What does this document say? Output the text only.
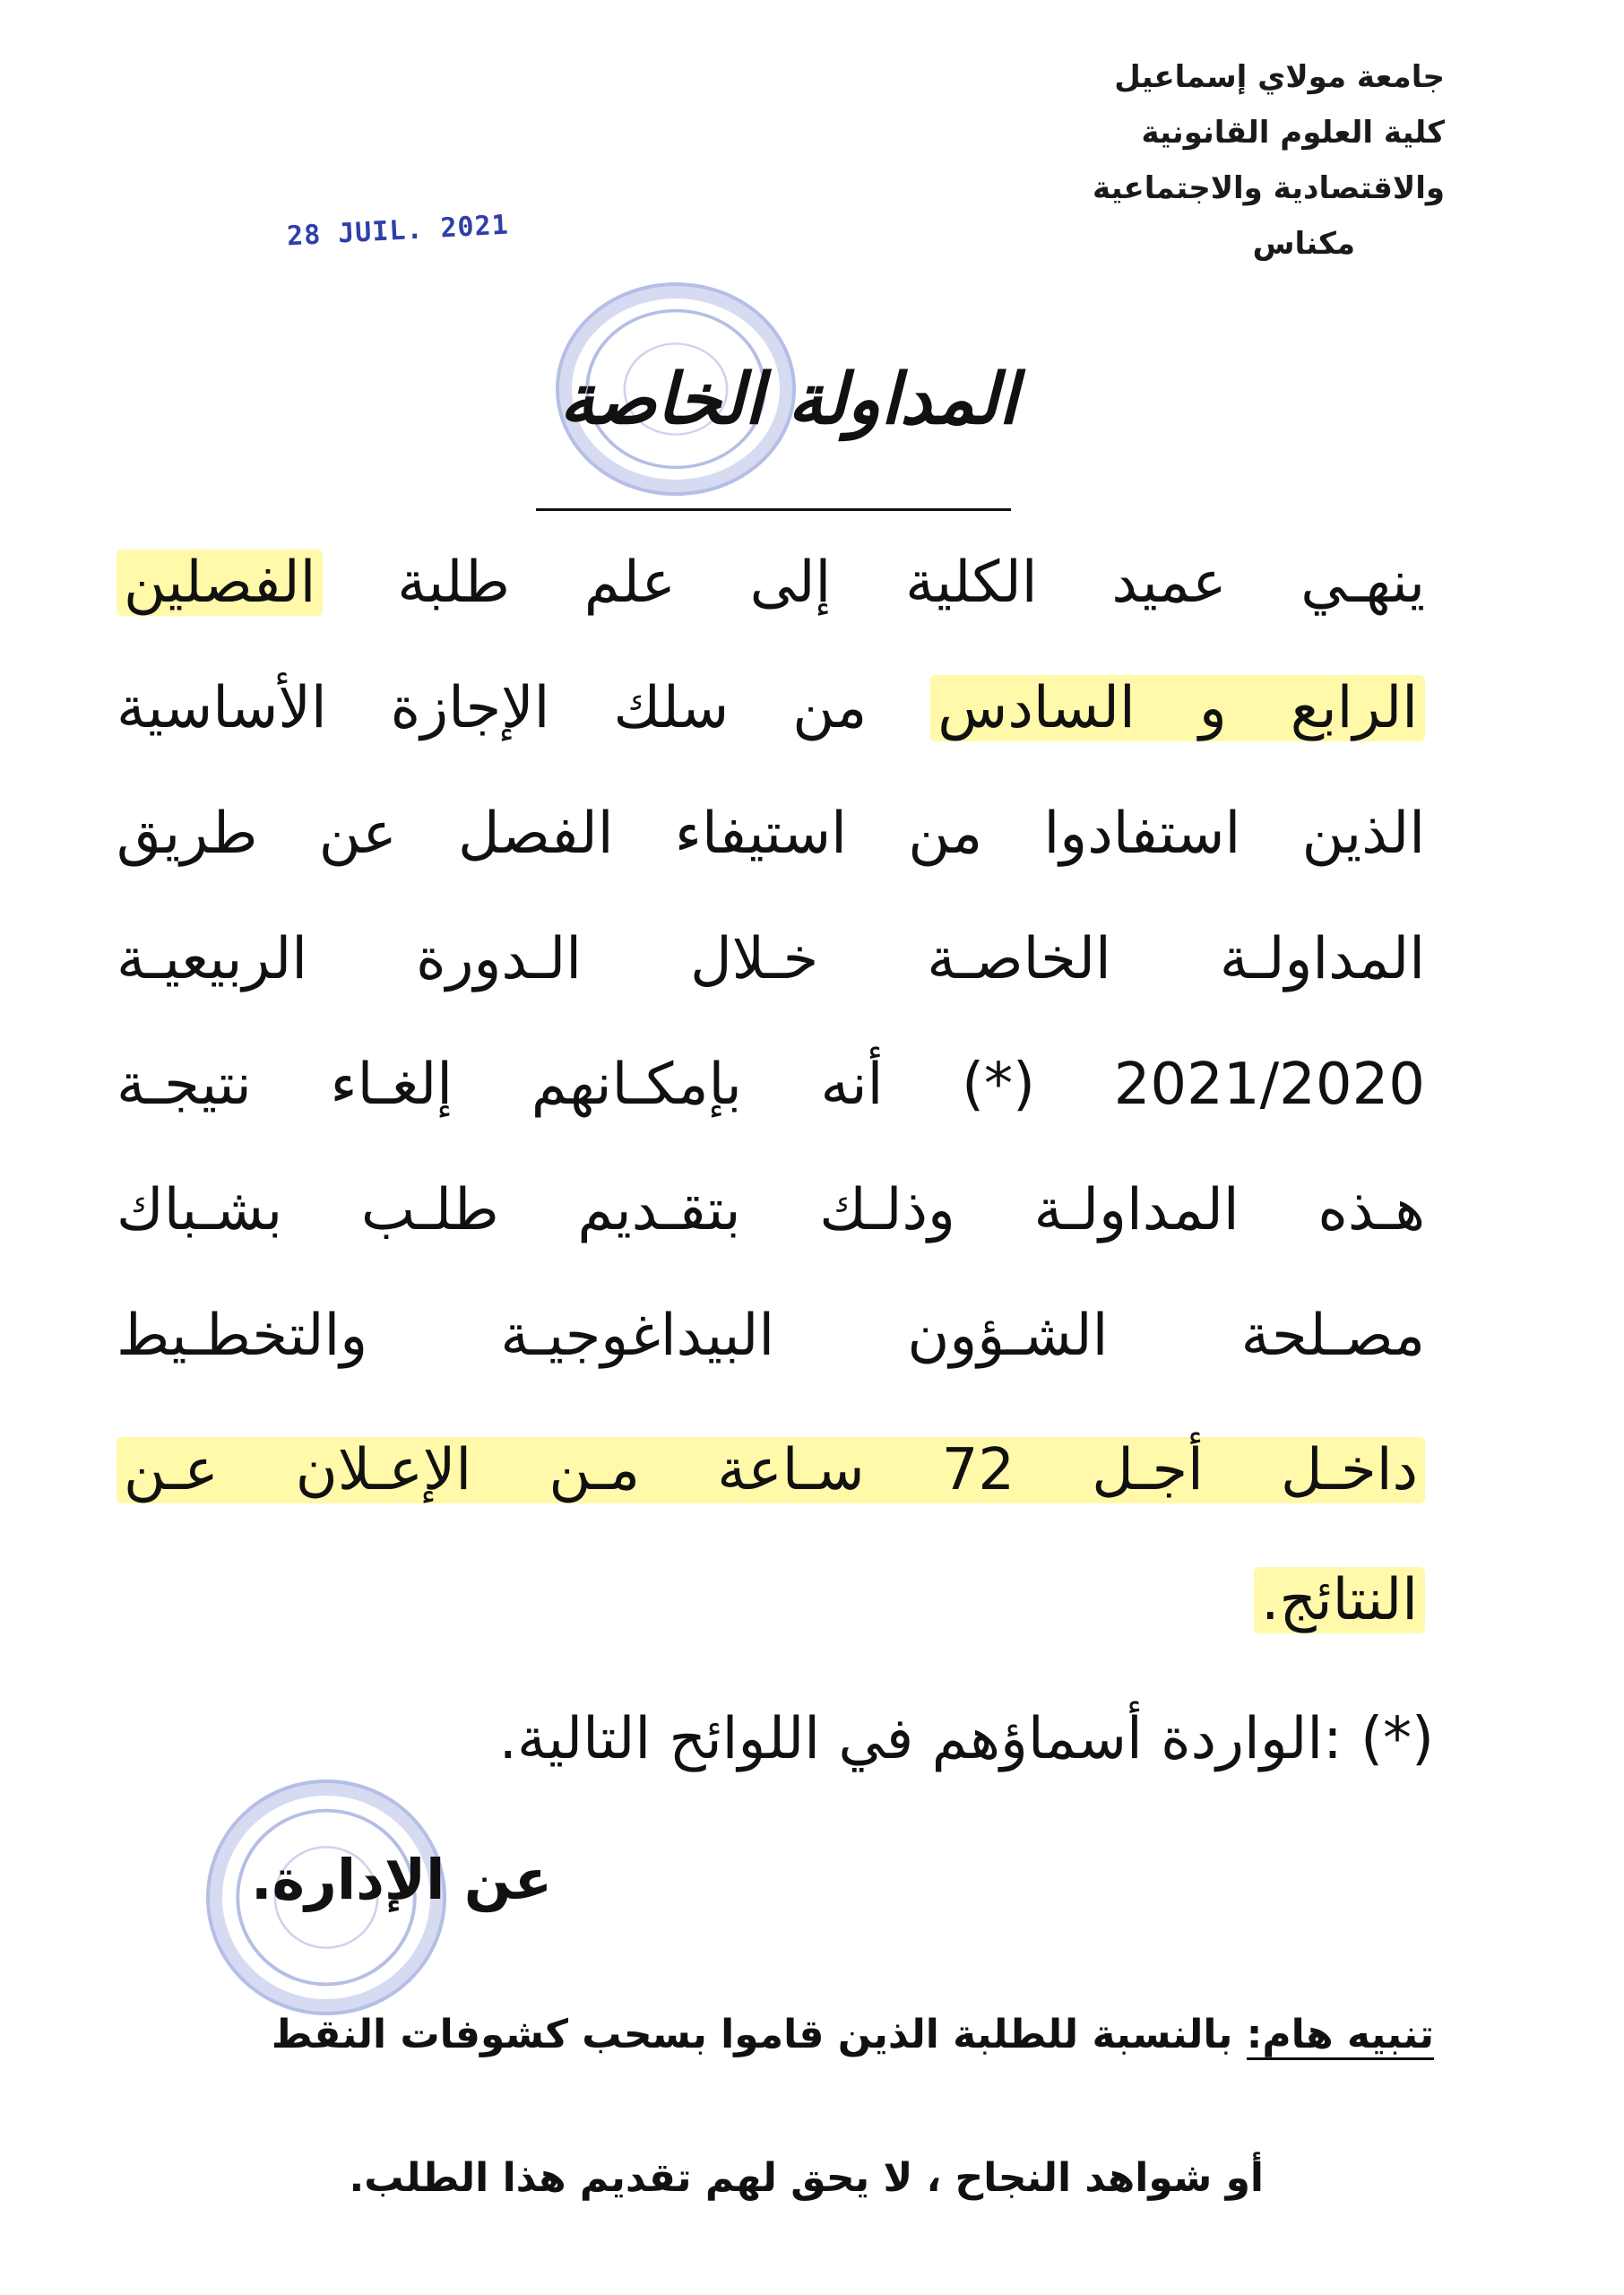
جامعة مولاي إسماعيل
كلية العلوم القانونية
والاقتصادية والاجتماعية
مكناس
28 JUIL. 2021
المداولة الخاصة
ينهـي عميد الكلية إلى علم طلبة الفصلين
الرابع و السادس من سلك الإجازة الأساسية
الذين استفادوا من استيفاء الفصل عن طريق
المداولـة الخاصـة خـلال الـدورة الربيعيـة
2021/2020 (*) أنه بإمكـانهم إلغـاء نتيجـة
هـذه المداولـة وذلـك بتقـديم طلـب بشـباك
مصـلحة الشـؤون البيداغوجيـة والتخطـيط
داخـل أجـل 72 سـاعة مـن الإعـلان عـن
النتائج.
(*) :الواردة أسماؤهم في اللوائح التالية.
عن الإدارة.
تنبيه هام: بالنسبة للطلبة الذين قاموا بسحب كشوفات النقط
أو شواهد النجاح ، لا يحق لهم تقديم هذا الطلب.
